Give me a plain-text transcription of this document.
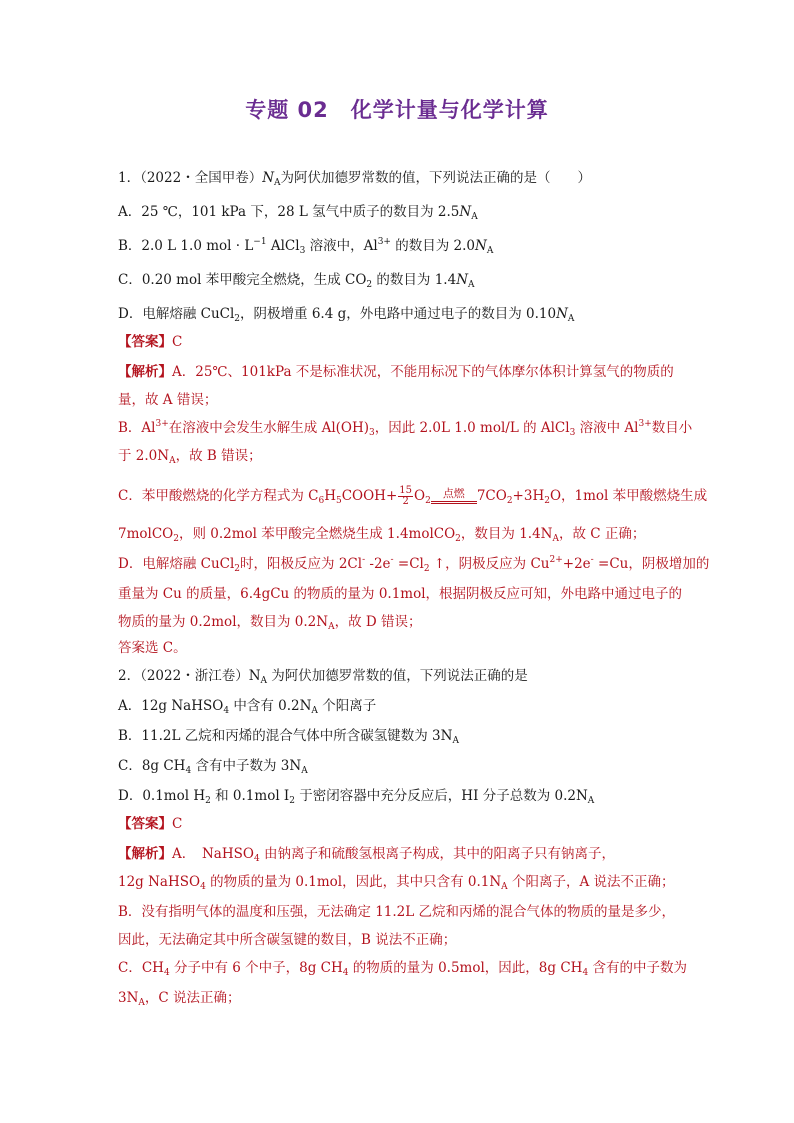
专题 02　化学计量与化学计算
1．（2022・全国甲卷）$N_A$为阿伏加德罗常数的值，下列说法正确的是（　　）
A．25 ℃，101 kPa 下，28 L 氢气中质子的数目为 $2.5N_A$
B．2.0 L 1.0 mol · $L^{-1}$ AlCl$_3$ 溶液中，$Al^{3+}$ 的数目为 $2.0N_A$
C．0.20 mol 苯甲酸完全燃烧，生成 $CO_2$ 的数目为 $1.4N_A$
D．电解熔融 CuCl$_2$，阴极增重 6.4 g，外电路中通过电子的数目为 $0.10N_A$
【答案】C
【解析】A．25℃、101kPa 不是标准状况，不能用标况下的气体摩尔体积计算氢气的物质的
量，故 A 错误；
B．$Al^{3+}$在溶液中会发生水解生成 $Al(OH)_3$，因此 2.0L 1.0 mol/L 的 AlCl$_3$ 溶液中 $Al^{3+}$数目小
于 $2.0N_A$，故 B 错误；
C．苯甲酸燃烧的化学方程式为 $C_6H_5COOH+ \frac{15}{2} O_2$
点燃 $7CO_2+3H_2O$，1mol 苯甲酸燃烧生成
7molCO$_2$，则 0.2mol 苯甲酸完全燃烧生成 1.4molCO$_2$，数目为 $1.4N_A$，故 C 正确；
D．电解熔融 CuCl$_2$时，阳极反应为 2Cl- $-2e^- =Cl_2$ ↑，阴极反应为 $Cu^{2+}+2e^- =Cu$，阴极增加的
重量为 Cu 的质量，6.4gCu 的物质的量为 0.1mol，根据阴极反应可知，外电路中通过电子的
物质的量为 0.2mol，数目为 $0.2N_A$，故 D 错误；
答案选 C。
2．（2022・浙江卷）$N_A$ 为阿伏加德罗常数的值，下列说法正确的是
A．12g NaHSO$_4$ 中含有 $0.2N_A$ 个阳离子
B．11.2L 乙烷和丙烯的混合气体中所含碳氢键数为 $3N_A$
C．8g $CH_4$ 含有中子数为 $3N_A$
D．0.1mol $H_2$ 和 0.1mol $I_2$ 于密闭容器中充分反应后，HI 分子总数为 $0.2N_A$
【答案】C
【解析】A．　NaHSO$_4$ 由钠离子和硫酸氢根离子构成，其中的阳离子只有钠离子，
12g NaHSO$_4$ 的物质的量为 0.1mol，因此，其中只含有 $0.1N_A$ 个阳离子，A 说法不正确；
B．没有指明气体的温度和压强，无法确定 11.2L 乙烷和丙烯的混合气体的物质的量是多少，
因此，无法确定其中所含碳氢键的数目，B 说法不正确；
C．$CH_4$ 分子中有 6 个中子，8g $CH_4$ 的物质的量为 0.5mol，因此，8g $CH_4$ 含有的中子数为
$3N_A$，C 说法正确；
